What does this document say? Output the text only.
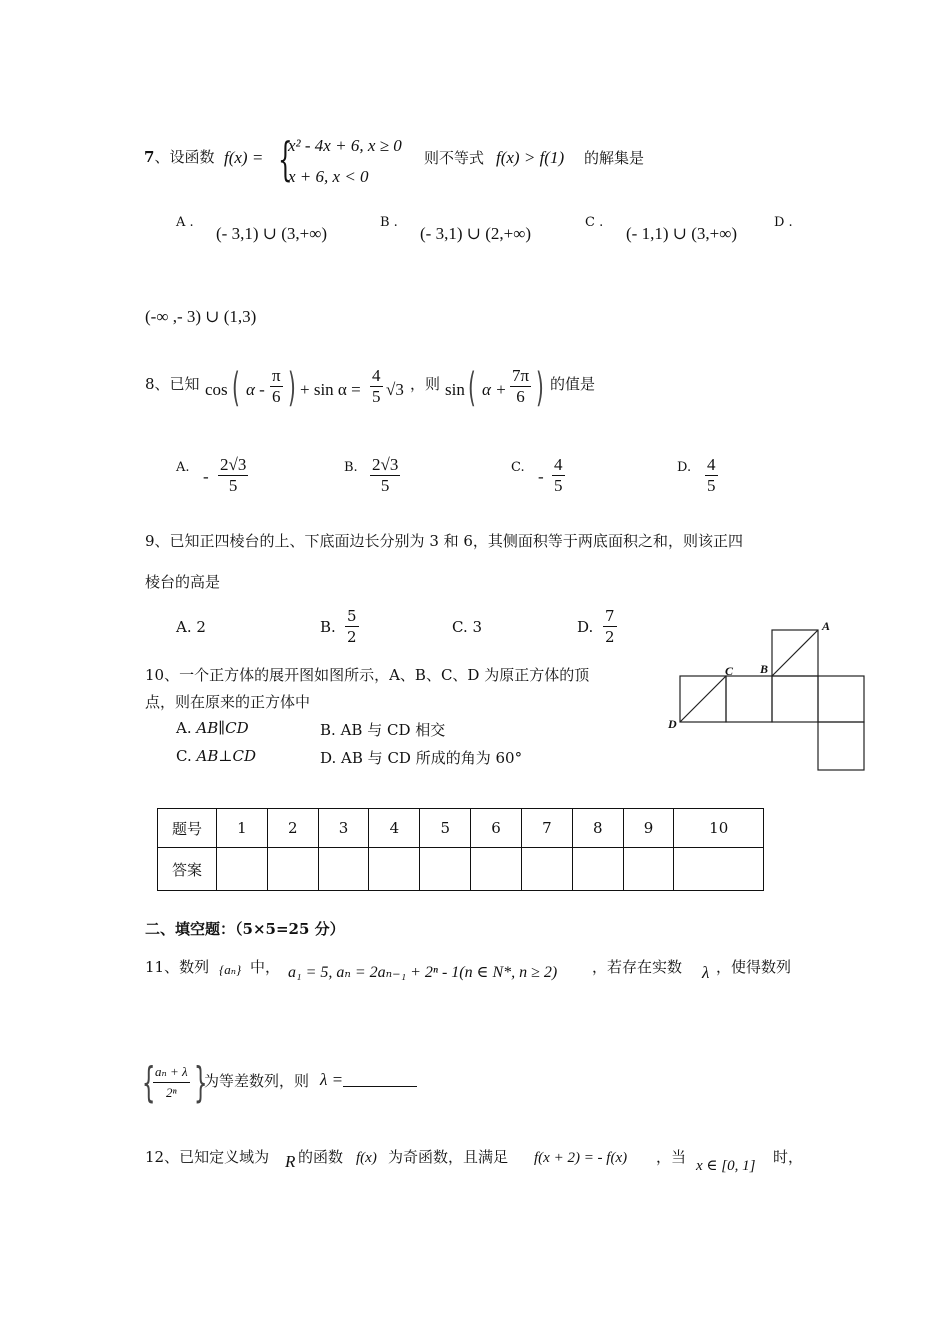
7、设函数 f(x) = {
x² - 4x + 6, x ≥ 0
x + 6, x < 0
则不等式 f(x) > f(1) 的解集是
A .
(- 3,1) ∪ (3,+∞)
B .
(- 3,1) ∪ (2,+∞)
C .
(- 1,1) ∪ (3,+∞)
D .
(-∞ ,- 3) ∪ (1,3)
8、已知 cos ( α - $\frac{\pi}{6}$ ) + $\sin \alpha = \frac{4}{5} √3$ ，则 sin ( $\alpha + \frac{7\pi}{6}$ ) 的值是
A. - $\frac{2√3}{5}$	B. $\frac{2√3}{5}$	C. - $\frac{4}{5}$	D. $\frac{4}{5}$
9、已知正四棱台的上、下底面边长分别为 3 和 6，其侧面积等于两底面积之和，则该正四
棱台的高是
A. 2	B. $\frac{5}{2}$	C. 3	D. $\frac{7}{2}$
10、一个正方体的展开图如图所示，A、B、C、D 为原正方体的顶
点，则在原来的正方体中
A. AB∥CD	B. AB 与 CD 相交
C. AB⊥CD	D. AB 与 CD 所成的角为 60°
A
B
C
D
题号	1	2	3	4	5	6	7	8	9	10
答案										
二、填空题：（5×5=25 分）
11、数列 {aₙ} 中， a₁ = 5, aₙ = 2aₙ₋₁ + 2ⁿ - 1(n ∈ N*, n ≥ 2) ，若存在实数 λ ，使得数列
{
$\frac{\text{aₙ + λ}}{\text{2ⁿ}}$ }
为等差数列，则 λ =
12、已知定义域为 R 的函数 f(x) 为奇函数，且满足 f(x + 2) = - f(x) ，当 x ∈ [0, 1] 时，
